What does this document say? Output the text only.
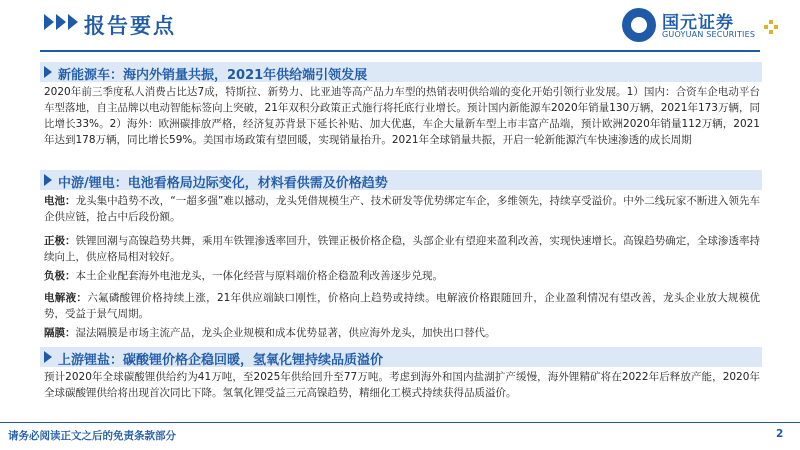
报告要点	国元证券
GUOYUAN SECURITIES
新能源车：海内外销量共振，2021年供给端引领发展
2020年前三季度私人消费占比达7成，特斯拉、新势力、比亚迪等高产品力车型的热销表明供给端的变化开始引领行业发展。1）国内：合资车企电动平台车型落地，自主品牌以电动智能标签向上突破，21年双积分政策正式施行将托底行业增长。预计国内新能源车2020年销量130万辆，2021年173万辆，同比增长33%。2）海外：欧洲碳排放严格，经济复苏背景下延长补贴、加大优惠，车企大量新车型上市丰富产品端，预计欧洲2020年销量112万辆，2021年达到178万辆，同比增长59%。美国市场政策有望回暖，实现销量抬升。2021年全球销量共振，开启一轮新能源汽车快速渗透的成长周期
中游/锂电：电池看格局边际变化，材料看供需及价格趋势
电池：龙头集中趋势不改，“一超多强”难以撼动，龙头凭借规模生产、技术研发等优势绑定车企，多维领先，持续享受溢价。中外二线玩家不断进入领先车企供应链，抢占中后段份额。
正极：铁锂回潮与高镍趋势共舞，乘用车铁锂渗透率回升，铁锂正极价格企稳，头部企业有望迎来盈利改善，实现快速增长。高镍趋势确定，全球渗透率持续向上，供应格局相对较好。
负极：本土企业配套海外电池龙头，一体化经营与原料端价格企稳盈利改善逐步兑现。
电解液：六氟磷酸锂价格持续上涨，21年供应端缺口刚性，价格向上趋势或持续。电解液价格跟随回升，企业盈利情况有望改善，龙头企业放大规模优势，受益于景气周期。
隔膜：湿法隔膜是市场主流产品，龙头企业规模和成本优势显著，供应海外龙头，加快出口替代。
上游锂盐：碳酸锂价格企稳回暖，氢氧化锂持续品质溢价
预计2020年全球碳酸锂供给约为41万吨，至2025年供给回升至77万吨。考虑到海外和国内盐湖扩产缓慢，海外锂精矿将在2022年后释放产能，2020年全球碳酸锂供给将出现首次同比下降。氢氧化锂受益三元高镍趋势，精细化工模式持续获得品质溢价。
请务必阅读正文之后的免责条款部分	2
